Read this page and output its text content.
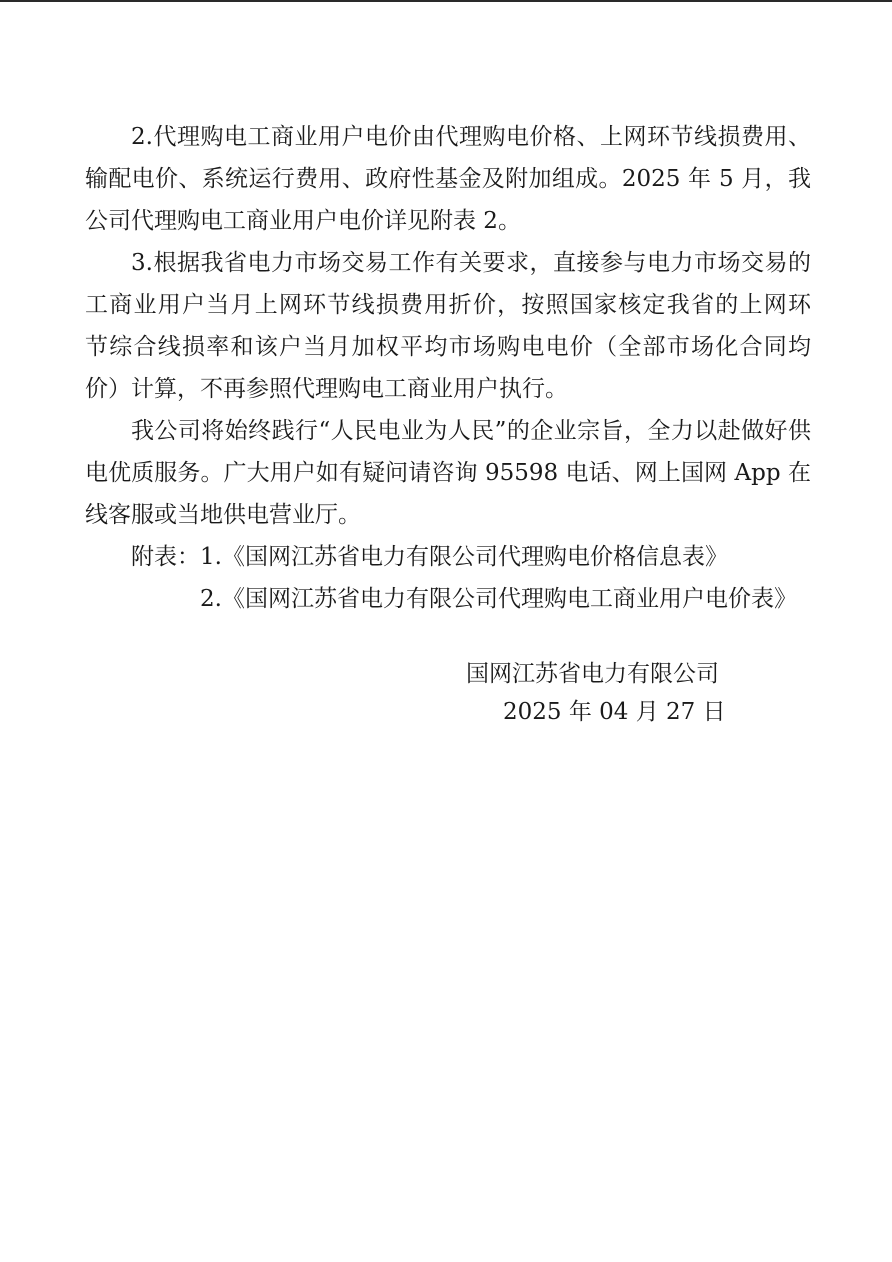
2.代理购电工商业用户电价由代理购电价格、上网环节线损费用、
输配电价、系统运行费用、政府性基金及附加组成。2025 年 5 月，我
公司代理购电工商业用户电价详见附表 2。
3.根据我省电力市场交易工作有关要求，直接参与电力市场交易的
工商业用户当月上网环节线损费用折价，按照国家核定我省的上网环
节综合线损率和该户当月加权平均市场购电电价（全部市场化合同均
价）计算，不再参照代理购电工商业用户执行。
我公司将始终践行“人民电业为人民”的企业宗旨，全力以赴做好供
电优质服务。广大用户如有疑问请咨询 95598 电话、网上国网 App 在
线客服或当地供电营业厅。
附表：1.《国网江苏省电力有限公司代理购电价格信息表》
2.《国网江苏省电力有限公司代理购电工商业用户电价表》
国网江苏省电力有限公司
2025 年 04 月 27 日
